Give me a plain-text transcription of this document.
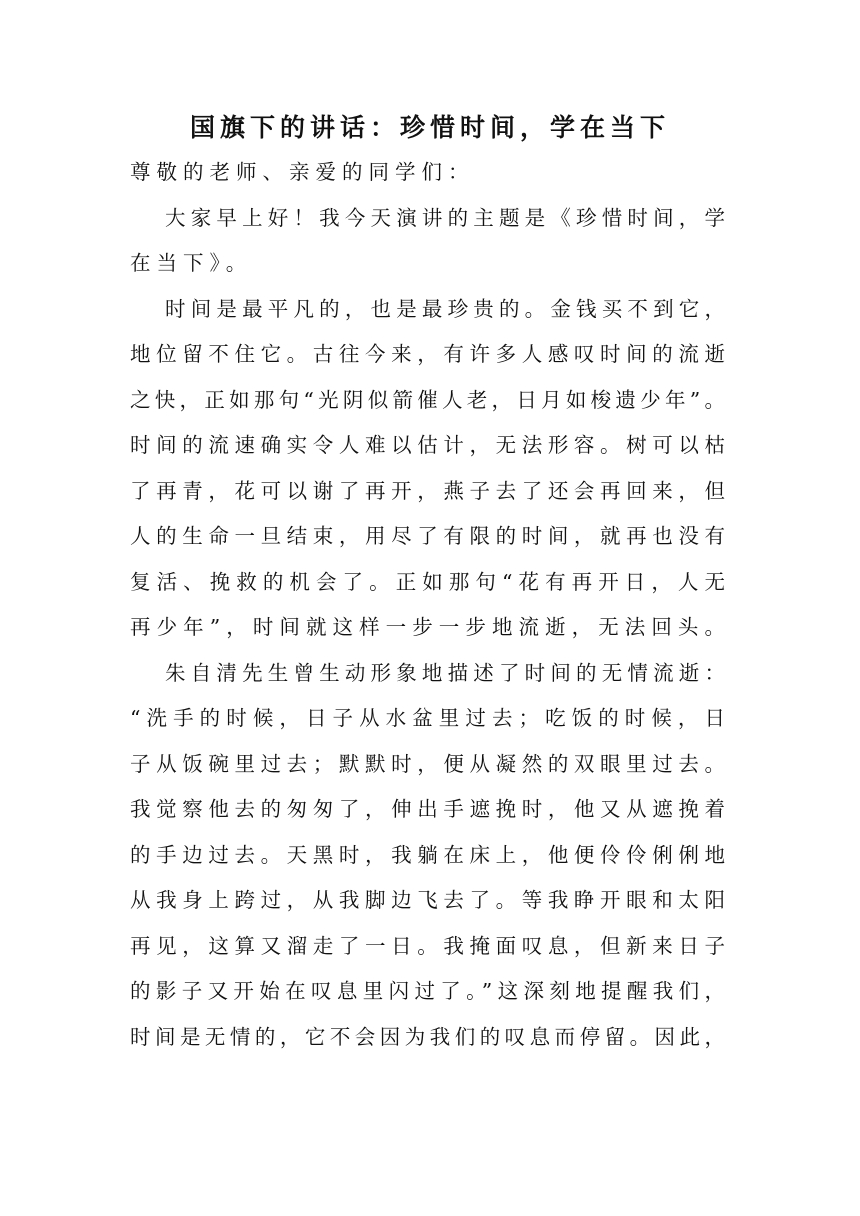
国旗下的讲话：珍惜时间，学在当下
尊敬的老师、亲爱的同学们：
大家早上好！我今天演讲的主题是《珍惜时间，学
在当下》。
时间是最平凡的，也是最珍贵的。金钱买不到它，
地位留不住它。古往今来，有许多人感叹时间的流逝
之快，正如那句“光阴似箭催人老，日月如梭遗少年”。
时间的流速确实令人难以估计，无法形容。树可以枯
了再青，花可以谢了再开，燕子去了还会再回来，但
人的生命一旦结束，用尽了有限的时间，就再也没有
复活、挽救的机会了。正如那句“花有再开日，人无
再少年”，时间就这样一步一步地流逝，无法回头。
朱自清先生曾生动形象地描述了时间的无情流逝：
“洗手的时候，日子从水盆里过去；吃饭的时候，日
子从饭碗里过去；默默时，便从凝然的双眼里过去。
我觉察他去的匆匆了，伸出手遮挽时，他又从遮挽着
的手边过去。天黑时，我躺在床上，他便伶伶俐俐地
从我身上跨过，从我脚边飞去了。等我睁开眼和太阳
再见，这算又溜走了一日。我掩面叹息，但新来日子
的影子又开始在叹息里闪过了。”这深刻地提醒我们，
时间是无情的，它不会因为我们的叹息而停留。因此，
